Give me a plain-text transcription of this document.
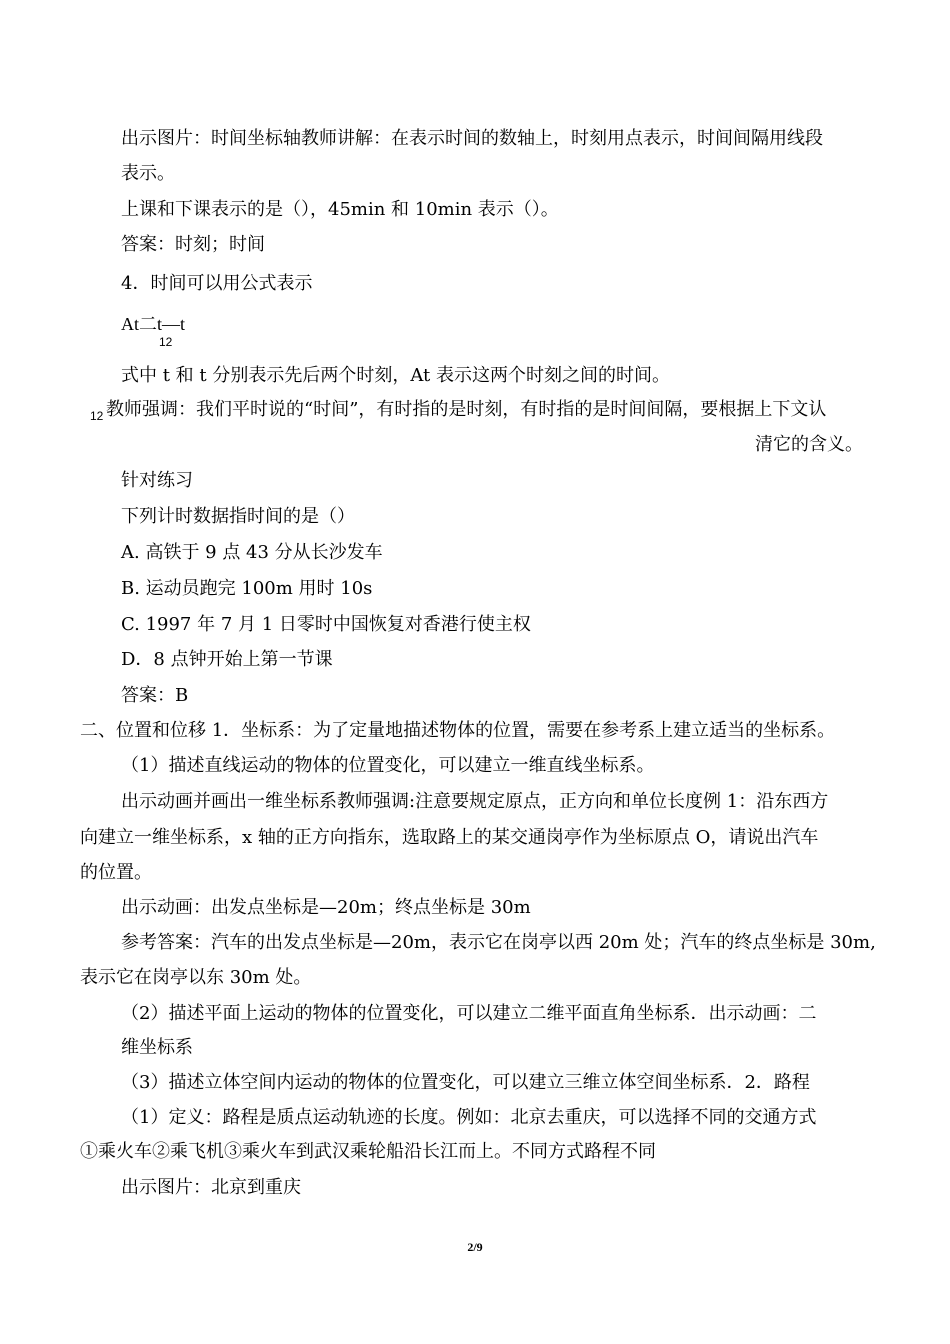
出示图片：时间坐标轴教师讲解：在表示时间的数轴上，时刻用点表示，时间间隔用线段
表示。
上课和下课表示的是（），45min 和 10min 表示（）。
答案：时刻；时间
4．时间可以用公式表示
At二t—t
12
式中 t 和 t 分别表示先后两个时刻，At 表示这两个时刻之间的时间。
12 教师强调：我们平时说的“时间”，有时指的是时刻，有时指的是时间间隔，要根据上下文认
清它的含义。
针对练习
下列计时数据指时间的是（）
A. 高铁于 9 点 43 分从长沙发车
B. 运动员跑完 100m 用时 10s
C. 1997 年 7 月 1 日零时中国恢复对香港行使主权
D．8 点钟开始上第一节课
答案：B
二、位置和位移 1．坐标系：为了定量地描述物体的位置，需要在参考系上建立适当的坐标系。
（1）描述直线运动的物体的位置变化，可以建立一维直线坐标系。
出示动画并画出一维坐标系教师强调:注意要规定原点，正方向和单位长度例 1：沿东西方
向建立一维坐标系，x 轴的正方向指东，选取路上的某交通岗亭作为坐标原点 O，请说出汽车
的位置。
出示动画：出发点坐标是—20m；终点坐标是 30m
参考答案：汽车的出发点坐标是—20m，表示它在岗亭以西 20m 处；汽车的终点坐标是 30m,
表示它在岗亭以东 30m 处。
（2）描述平面上运动的物体的位置变化，可以建立二维平面直角坐标系．出示动画：二
维坐标系
（3）描述立体空间内运动的物体的位置变化，可以建立三维立体空间坐标系．2．路程
（1）定义：路程是质点运动轨迹的长度。例如：北京去重庆，可以选择不同的交通方式
①乘火车②乘飞机③乘火车到武汉乘轮船沿长江而上。不同方式路程不同
出示图片：北京到重庆
2/9
